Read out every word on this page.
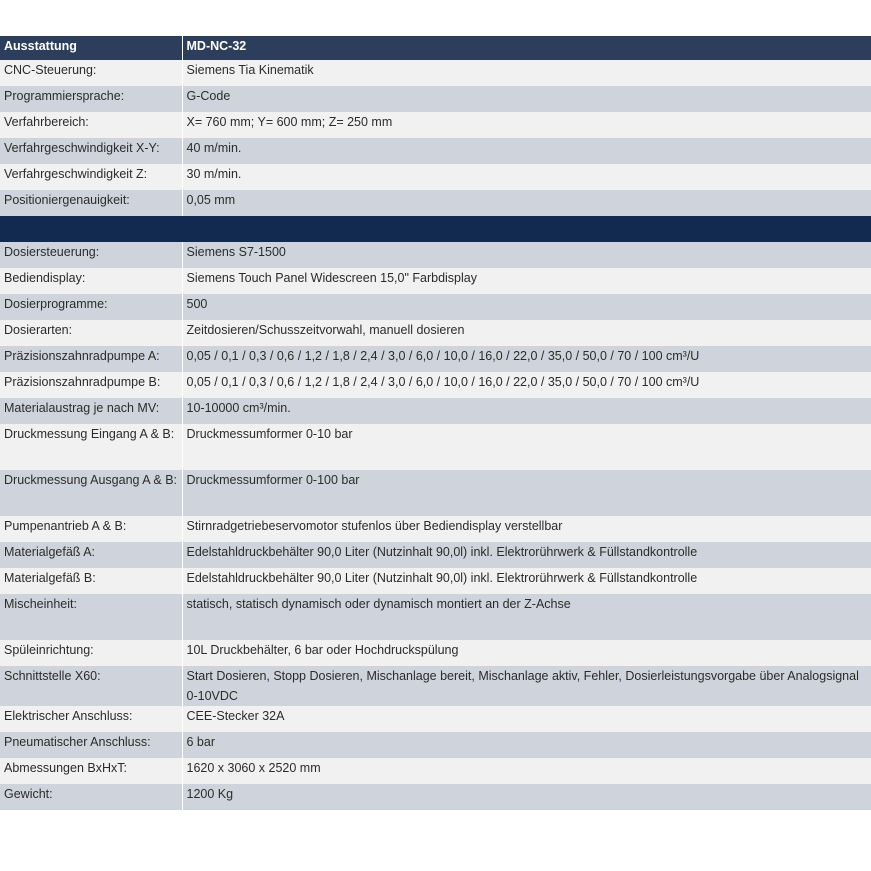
Ausstattung	MD-NC-32
CNC-Steuerung:	Siemens Tia Kinematik
Programmiersprache:	G-Code
Verfahrbereich:	X= 760 mm; Y= 600 mm; Z= 250 mm
Verfahrgeschwindigkeit X-Y:	40 m/min.
Verfahrgeschwindigkeit Z:	30 m/min.
Positioniergenauigkeit:	0,05 mm

Dosiersteuerung:	Siemens S7-1500
Bediendisplay:	Siemens Touch Panel Widescreen 15,0" Farbdisplay
Dosierprogramme:	500
Dosierarten:	Zeitdosieren/Schusszeitvorwahl, manuell dosieren
Präzisionszahnradpumpe A:	0,05 / 0,1 / 0,3 / 0,6 / 1,2 / 1,8 / 2,4 / 3,0 / 6,0 / 10,0 / 16,0 / 22,0 / 35,0 / 50,0 / 70 / 100 cm³/U
Präzisionszahnradpumpe B:	0,05 / 0,1 / 0,3 / 0,6 / 1,2 / 1,8 / 2,4 / 3,0 / 6,0 / 10,0 / 16,0 / 22,0 / 35,0 / 50,0 / 70 / 100 cm³/U
Materialaustrag je nach MV:	10-10000 cm³/min.
Druckmessung Eingang A & B:	Druckmessumformer 0-10 bar
Druckmessung Ausgang A & B:	Druckmessumformer 0-100 bar
Pumpenantrieb A & B:	Stirnradgetriebeservomotor stufenlos über Bediendisplay verstellbar
Materialgefäß A:	Edelstahldruckbehälter 90,0 Liter (Nutzinhalt 90,0l) inkl. Elektrorührwerk & Füllstandkontrolle
Materialgefäß B:	Edelstahldruckbehälter 90,0 Liter (Nutzinhalt 90,0l) inkl. Elektrorührwerk & Füllstandkontrolle
Mischeinheit:	statisch, statisch dynamisch oder dynamisch montiert an der Z-Achse
Spüleinrichtung:	10L Druckbehälter, 6 bar oder Hochdruckspülung
Schnittstelle X60:	Start Dosieren, Stopp Dosieren, Mischanlage bereit, Mischanlage aktiv, Fehler, Dosierleistungsvorgabe über Analogsignal 0-10VDC
Elektrischer Anschluss:	CEE-Stecker 32A
Pneumatischer Anschluss:	6 bar
Abmessungen BxHxT:	1620 x 3060 x 2520 mm
Gewicht:	1200 Kg
